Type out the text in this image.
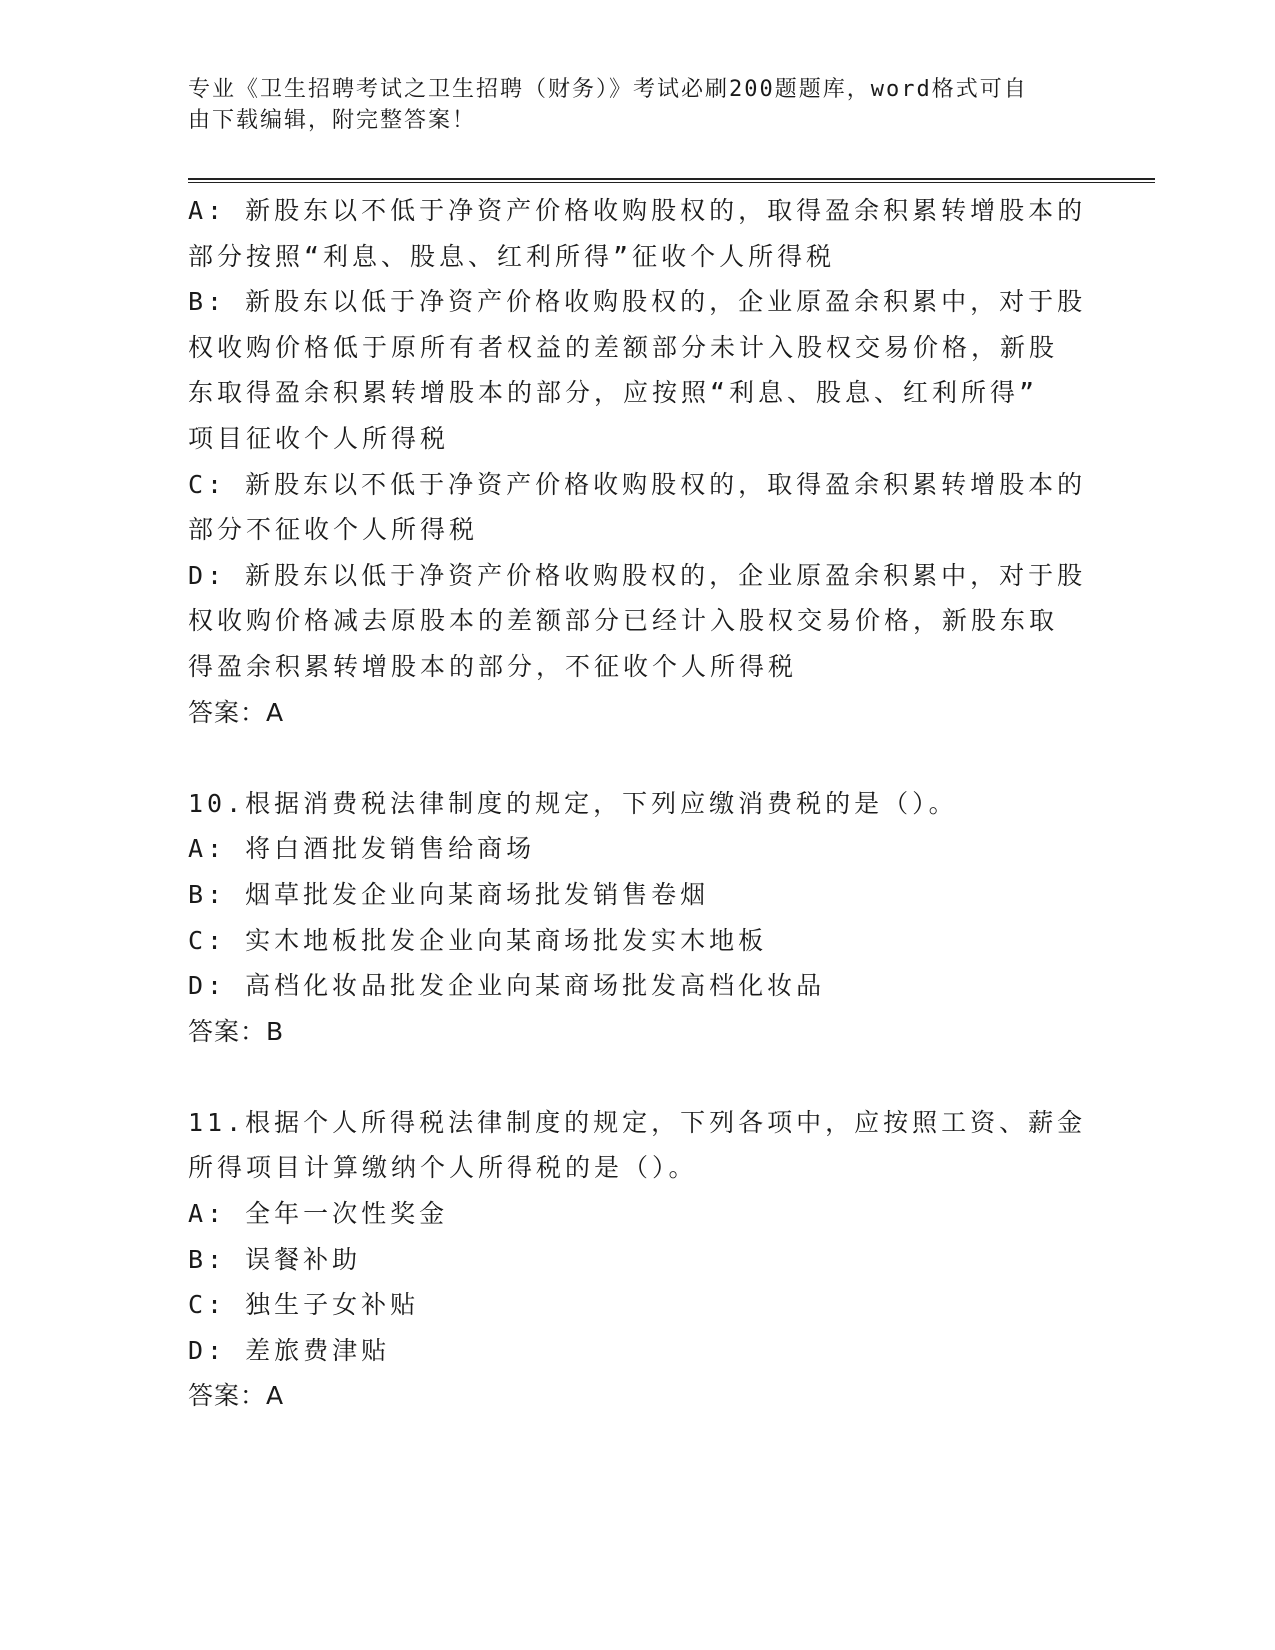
专业《卫生招聘考试之卫生招聘（财务）》考试必刷200题题库，word格式可自
由下载编辑，附完整答案！
A: 新股东以不低于净资产价格收购股权的，取得盈余积累转增股本的
部分按照“利息、股息、红利所得”征收个人所得税
B: 新股东以低于净资产价格收购股权的，企业原盈余积累中，对于股
权收购价格低于原所有者权益的差额部分未计入股权交易价格，新股
东取得盈余积累转增股本的部分，应按照“利息、股息、红利所得”
项目征收个人所得税
C: 新股东以不低于净资产价格收购股权的，取得盈余积累转增股本的
部分不征收个人所得税
D: 新股东以低于净资产价格收购股权的，企业原盈余积累中，对于股
权收购价格减去原股本的差额部分已经计入股权交易价格，新股东取
得盈余积累转增股本的部分，不征收个人所得税
答案：A
10.根据消费税法律制度的规定，下列应缴消费税的是（）。
A: 将白酒批发销售给商场
B: 烟草批发企业向某商场批发销售卷烟
C: 实木地板批发企业向某商场批发实木地板
D: 高档化妆品批发企业向某商场批发高档化妆品
答案：B
11.根据个人所得税法律制度的规定，下列各项中，应按照工资、薪金
所得项目计算缴纳个人所得税的是（）。
A: 全年一次性奖金
B: 误餐补助
C: 独生子女补贴
D: 差旅费津贴
答案：A
